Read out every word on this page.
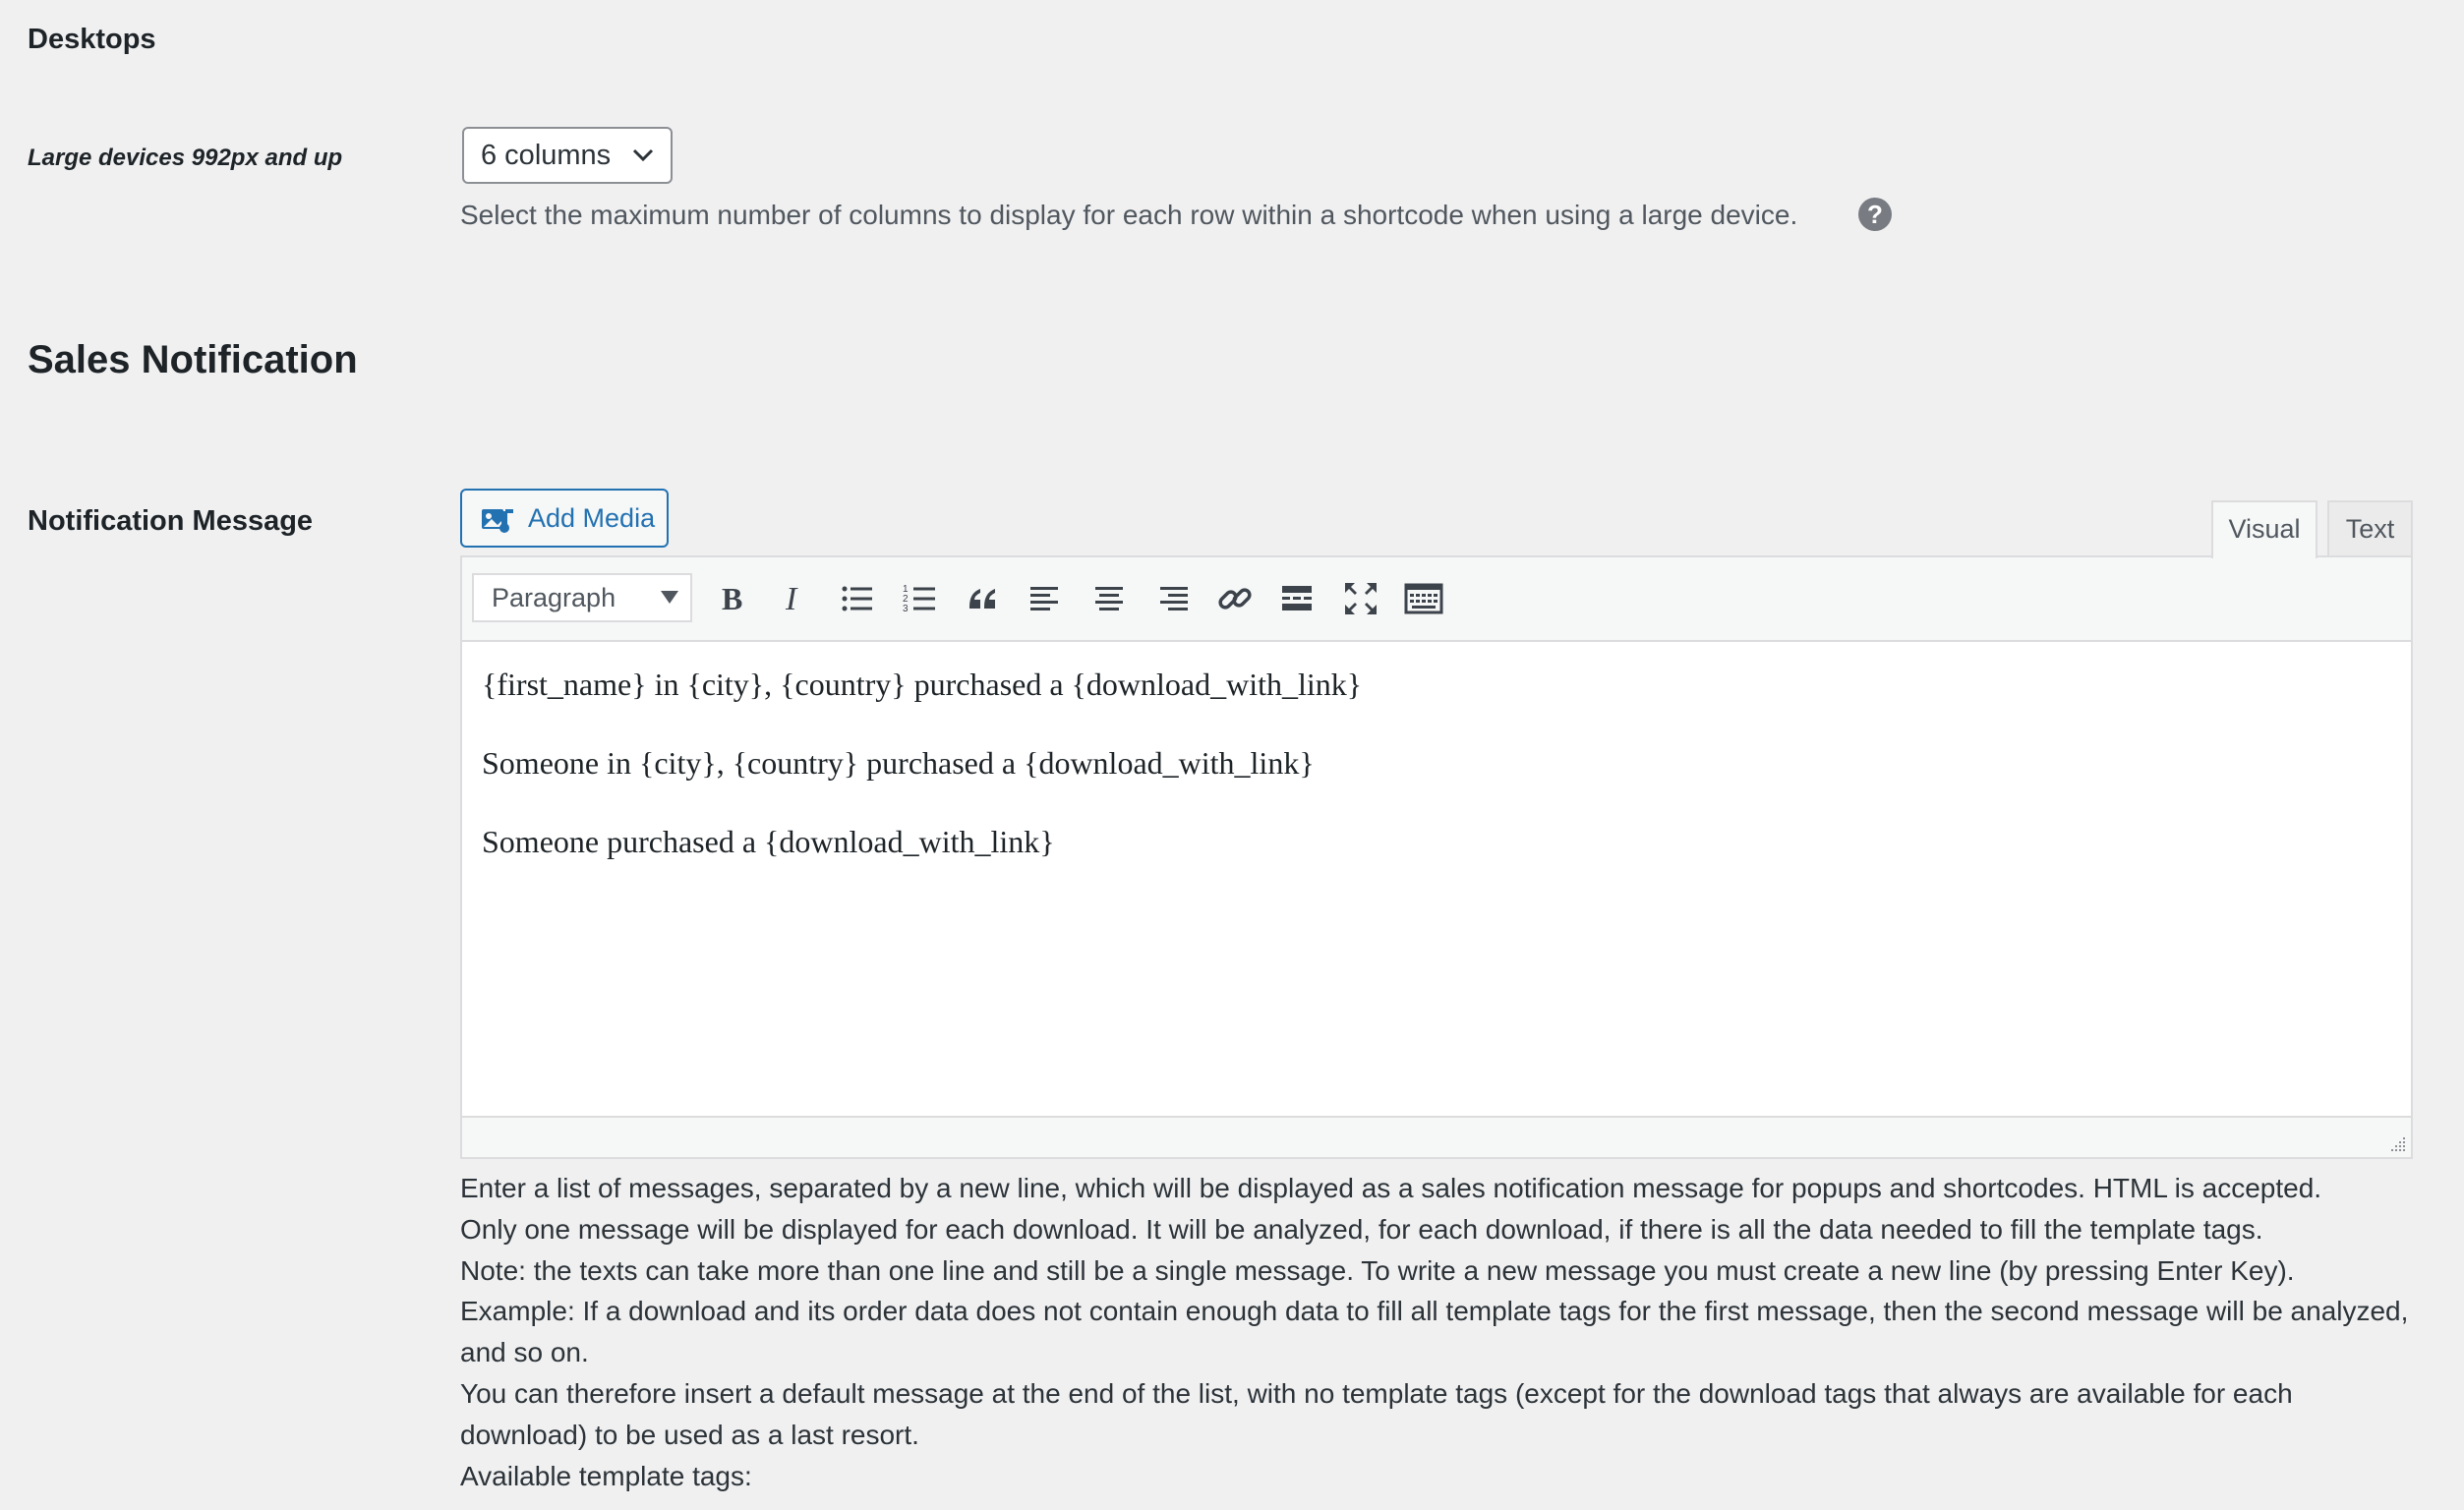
Desktops
Large devices 992px and up	6 columns
Select the maximum number of columns to display for each row within a shortcode when using a large device.	?
Sales Notification
Notification Message	Add Media	Visual	Text
Paragraph	B I	1
2
3

{first_name} in {city}, {country} purchased a {download_with_link}

Someone in {city}, {country} purchased a {download_with_link}

Someone purchased a {download_with_link}

Enter a list of messages, separated by a new line, which will be displayed as a sales notification message for popups and shortcodes. HTML is accepted.
Only one message will be displayed for each download. It will be analyzed, for each download, if there is all the data needed to fill the template tags.
Note: the texts can take more than one line and still be a single message. To write a new message you must create a new line (by pressing Enter Key).
Example: If a download and its order data does not contain enough data to fill all template tags for the first message, then the second message will be analyzed, and so on.
You can therefore insert a default message at the end of the list, with no template tags (except for the download tags that always are available for each download) to be used as a last resort.
Available template tags:
